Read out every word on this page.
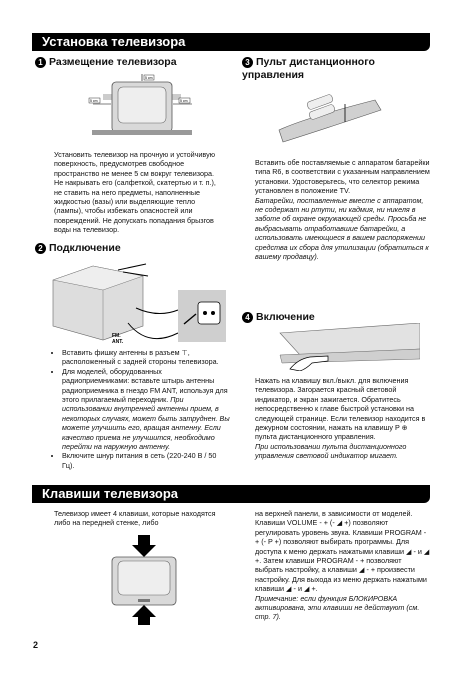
Установка телевизора
1 Размещение телевизора
5 cm
5 cm	5 cm
Установить телевизор на прочную и устойчивую поверхность, предусмотрев свободное пространство не менее 5 см вокруг телевизора. Не накрывать его (салфеткой, скатертью и т. п.), не ставить на него предметы, наполненные жидкостью (вазы) или выделяющие тепло (лампы), чтобы избежать опасностей или повреждений. Не допускать попадания брызгов воды на телевизор.
2 Подключение
FM.
ANT.
• Вставить фишку антенны в разъем ⊤, расположенный с задней стороны телевизора.
• Для моделей, оборудованных радиоприемниками: вставьте штырь антенны радиоприемника в гнездо FM ANT, используя для этого прилагаемый переходник. При использовании внутренней антенны прием, в некоторых случаях, может быть затруднен. Вы можете улучшить его, вращая антенну. Если качество приема не улучшится, необходимо перейти на наружную антенну.
• Включите шнур питания в сеть (220-240 В / 50 Гц).
3 Пульт дистанционного управления

Вставить обе поставляемые с аппаратом батарейки типа R6, в соответствии с указанным направлением установки. Удостоверьтесь, что селектор режима установлен в положение TV.

Батарейки, поставленные вместе с аппаратом, не содержат ни ртути, ни кадмия, ни никеля в заботе об охране окружающей среды. Просьба не выбрасывать отработавшие батарейки, а использовать имеющиеся в вашем распоряжении средства их сбора для утилизации (обратиться к вашему продавцу).

4 Включение

Нажать на клавишу вкл./выкл. для включения телевизора. Загорается красный световой индикатор, и экран зажигается. Обратитесь непосредственно к главе быстрой установки на следующей странице. Если телевизор находится в дежурном состоянии, нажать на клавишу P ⊕ пульта дистанционного управления.

При использовании пульта дистанционного управления световой индикатор мигает.

Клавиши телевизора
Телевизор имеет 4 клавиши, которые находятся либо на передней стенке, либо

на верхней панели, в зависимости от моделей. Клавиши VOLUME - + (- ◢ +) позволяют регулировать уровень звука. Клавиши PROGRAM - + (- P +) позволяют выбирать программы. Для доступа к меню держать нажатыми клавиши ◢ - и ◢ +. Затем клавиши PROGRAM - + позволяют выбрать настройку, а клавиши ◢ - + произвести настройку. Для выхода из меню держать нажатыми клавиши ◢ - и ◢ +.

Примечание: если функция БЛОКИРОВКА активирована, эти клавиши не действуют (см. стр. 7).

2
